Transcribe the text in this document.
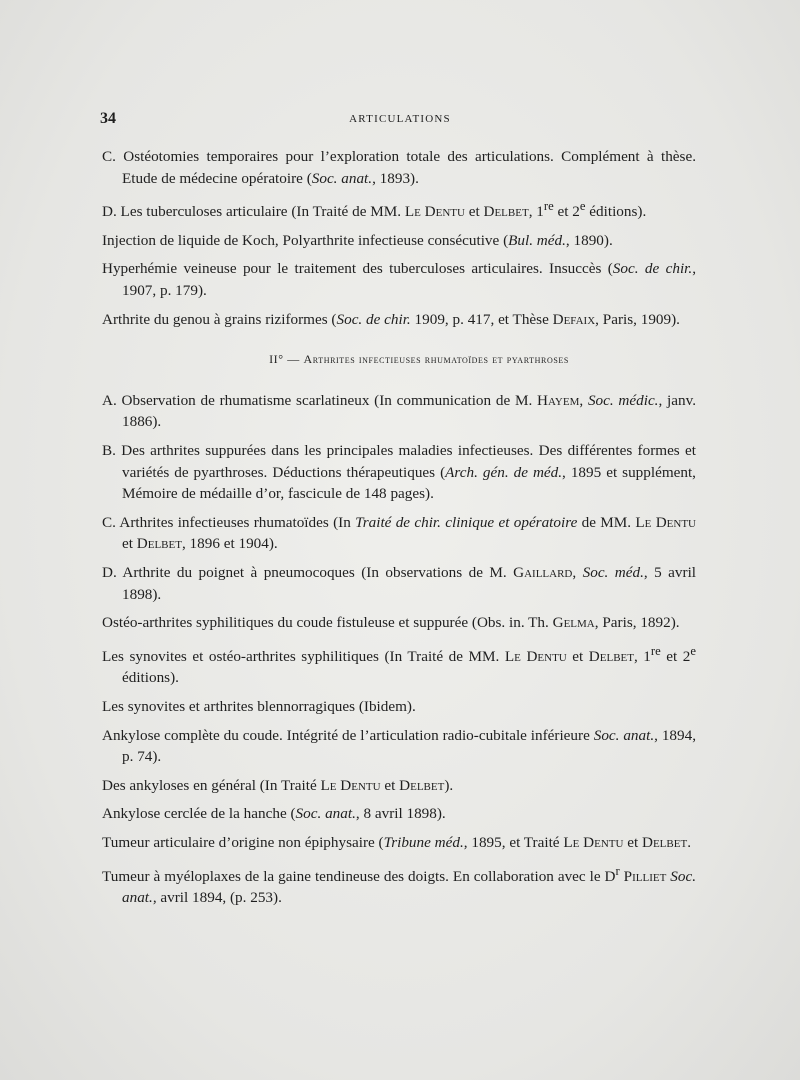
34	ARTICULATIONS

C. Ostéotomies temporaires pour l’exploration totale des articulations. Complément à thèse. Etude de médecine opératoire (Soc. anat., 1893).

D. Les tuberculoses articulaire (In Traité de MM. Le Dentu et Delbet, 1re et 2e éditions).

Injection de liquide de Koch, Polyarthrite infectieuse consécutive (Bul. méd., 1890).

Hyperhémie veineuse pour le traitement des tuberculoses articulaires. Insuccès (Soc. de chir., 1907, p. 179).

Arthrite du genou à grains riziformes (Soc. de chir. 1909, p. 417, et Thèse Defaix, Paris, 1909).

II° — Arthrites infectieuses rhumatoïdes et pyarthroses

A. Observation de rhumatisme scarlatineux (In communication de M. Hayem, Soc. médic., janv. 1886).

B. Des arthrites suppurées dans les principales maladies infectieuses. Des différentes formes et variétés de pyarthroses. Déductions thérapeutiques (Arch. gén. de méd., 1895 et supplément, Mémoire de médaille d’or, fascicule de 148 pages).

C. Arthrites infectieuses rhumatoïdes (In Traité de chir. clinique et opératoire de MM. Le Dentu et Delbet, 1896 et 1904).

D. Arthrite du poignet à pneumocoques (In observations de M. Gaillard, Soc. méd., 5 avril 1898).

Ostéo-arthrites syphilitiques du coude fistuleuse et suppurée (Obs. in. Th. Gelma, Paris, 1892).

Les synovites et ostéo-arthrites syphilitiques (In Traité de MM. Le Dentu et Delbet, 1re et 2e éditions).

Les synovites et arthrites blennorragiques (Ibidem).

Ankylose complète du coude. Intégrité de l’articulation radio-cubitale inférieure Soc. anat., 1894, p. 74).

Des ankyloses en général (In Traité Le Dentu et Delbet).

Ankylose cerclée de la hanche (Soc. anat., 8 avril 1898).

Tumeur articulaire d’origine non épiphysaire (Tribune méd., 1895, et Traité Le Dentu et Delbet.

Tumeur à myéloplaxes de la gaine tendineuse des doigts. En collaboration avec le $D^r$ Pilliet Soc. anat., avril 1894, (p. 253).
